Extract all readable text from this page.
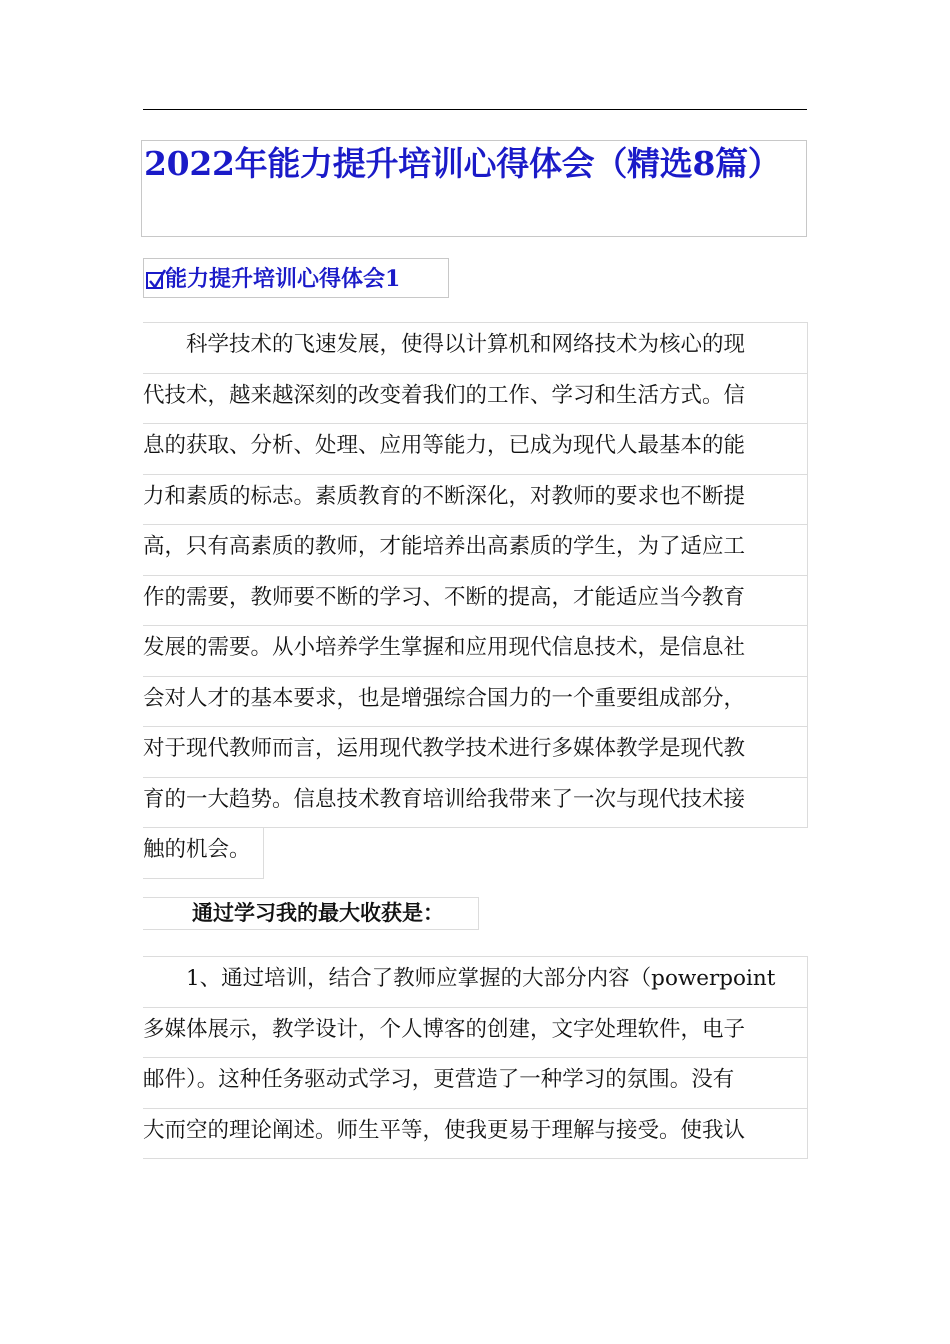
2022年能力提升培训心得体会（精选8篇）
能力提升培训心得体会1
　　科学技术的飞速发展，使得以计算机和网络技术为核心的现
代技术，越来越深刻的改变着我们的工作、学习和生活方式。信
息的获取、分析、处理、应用等能力，已成为现代人最基本的能
力和素质的标志。素质教育的不断深化，对教师的要求也不断提
高，只有高素质的教师，才能培养出高素质的学生，为了适应工
作的需要，教师要不断的学习、不断的提高，才能适应当今教育
发展的需要。从小培养学生掌握和应用现代信息技术，是信息社
会对人才的基本要求，也是增强综合国力的一个重要组成部分，
对于现代教师而言，运用现代教学技术进行多媒体教学是现代教
育的一大趋势。信息技术教育培训给我带来了一次与现代技术接
触的机会。
通过学习我的最大收获是：
　　1、通过培训，结合了教师应掌握的大部分内容（powerpoint
多媒体展示，教学设计，个人博客的创建，文字处理软件，电子
邮件）。这种任务驱动式学习，更营造了一种学习的氛围。没有
大而空的理论阐述。师生平等，使我更易于理解与接受。使我认
